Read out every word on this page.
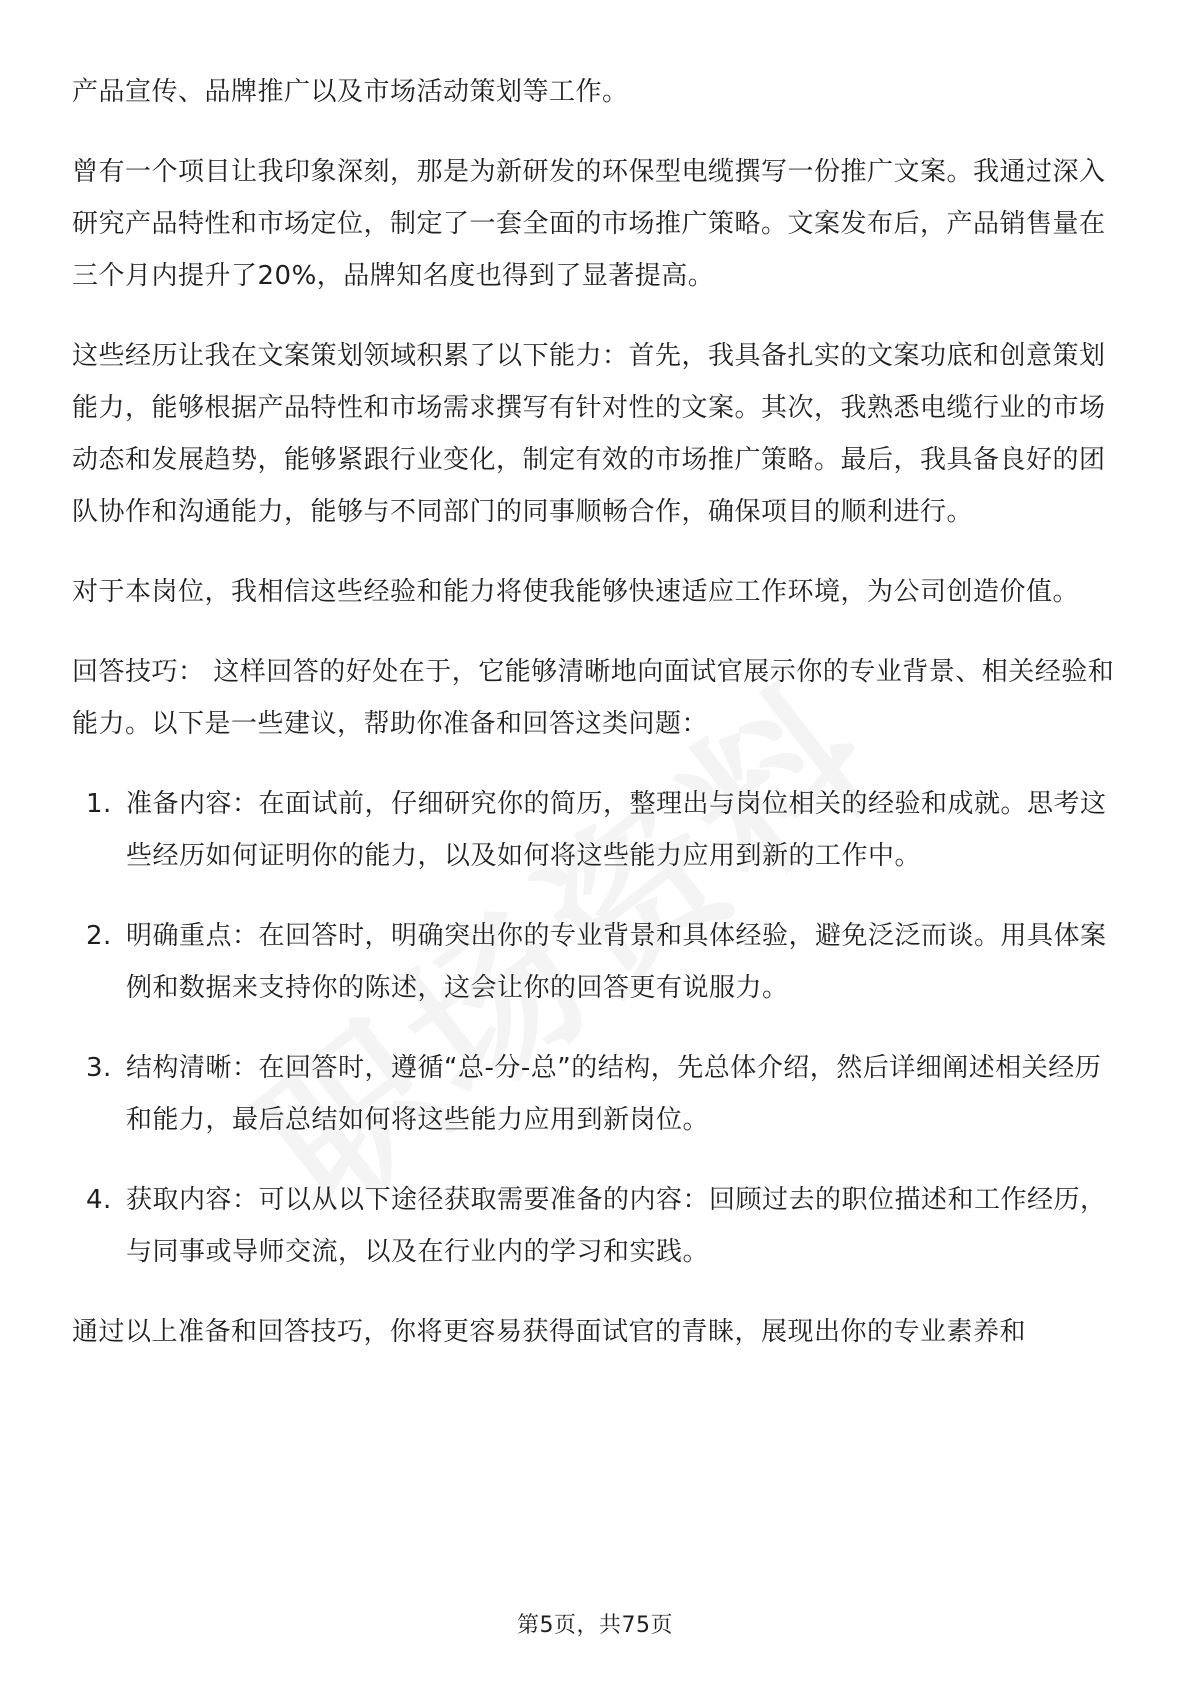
产品宣传、品牌推广以及市场活动策划等工作。

曾有一个项目让我印象深刻，那是为新研发的环保型电缆撰写一份推广文案。我通过深入研究产品特性和市场定位，制定了一套全面的市场推广策略。文案发布后，产品销售量在三个月内提升了20%，品牌知名度也得到了显著提高。

这些经历让我在文案策划领域积累了以下能力：首先，我具备扎实的文案功底和创意策划能力，能够根据产品特性和市场需求撰写有针对性的文案。其次，我熟悉电缆行业的市场动态和发展趋势，能够紧跟行业变化，制定有效的市场推广策略。最后，我具备良好的团队协作和沟通能力，能够与不同部门的同事顺畅合作，确保项目的顺利进行。

对于本岗位，我相信这些经验和能力将使我能够快速适应工作环境，为公司创造价值。

回答技巧： 这样回答的好处在于，它能够清晰地向面试官展示你的专业背景、相关经验和能力。以下是一些建议，帮助你准备和回答这类问题：

1. 准备内容：在面试前，仔细研究你的简历，整理出与岗位相关的经验和成就。思考这些经历如何证明你的能力，以及如何将这些能力应用到新的工作中。
2. 明确重点：在回答时，明确突出你的专业背景和具体经验，避免泛泛而谈。用具体案例和数据来支持你的陈述，这会让你的回答更有说服力。
3. 结构清晰：在回答时，遵循“总-分-总”的结构，先总体介绍，然后详细阐述相关经历和能力，最后总结如何将这些能力应用到新岗位。
4. 获取内容：可以从以下途径获取需要准备的内容：回顾过去的职位描述和工作经历，与同事或导师交流，以及在行业内的学习和实践。

通过以上准备和回答技巧，你将更容易获得面试官的青睐，展现出你的专业素养和

第5页，共75页
